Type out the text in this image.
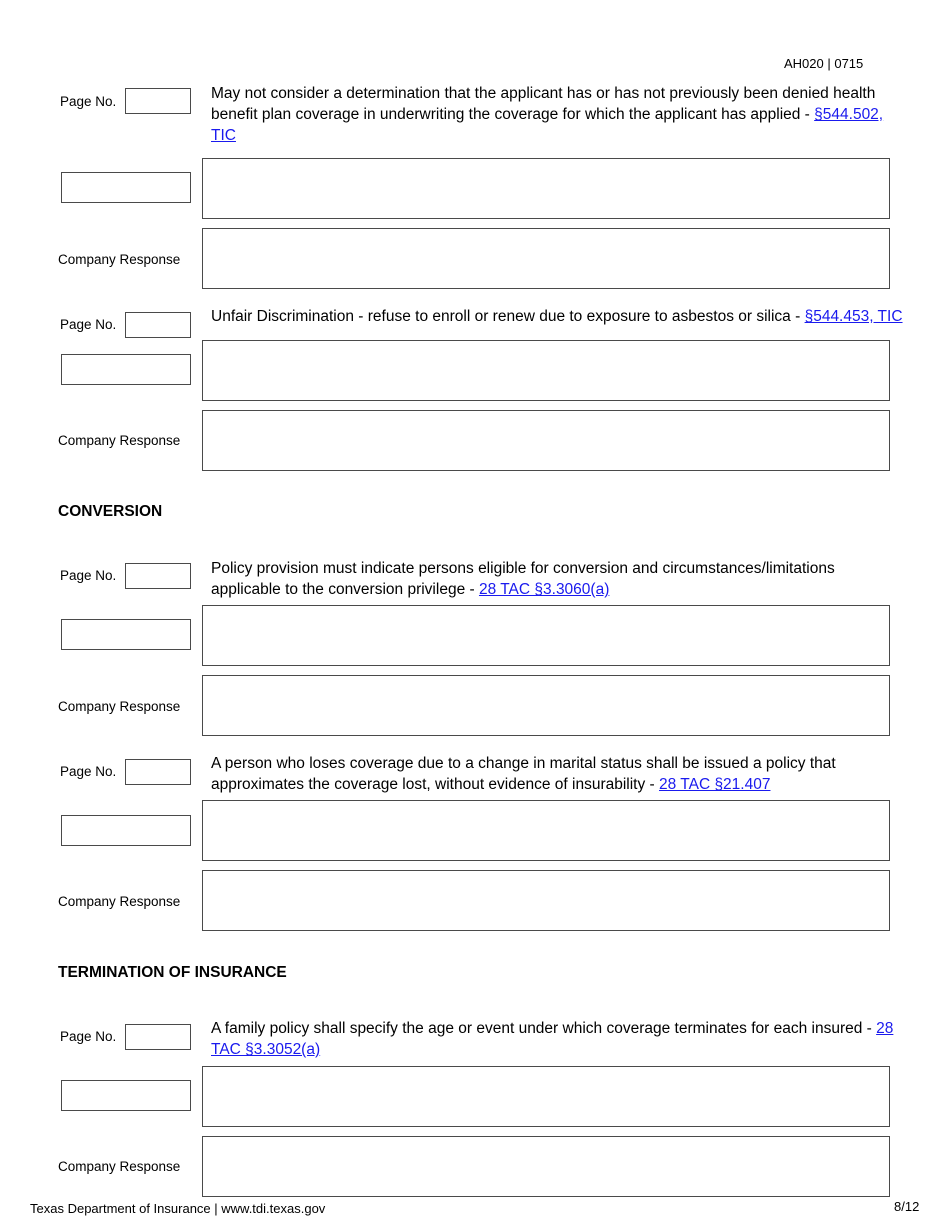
AH020 | 0715
Page No.	May not consider a determination that the applicant has or has not previously been denied health benefit plan coverage in underwriting the coverage for which the applicant has applied - §544.502, TIC
Company Response
Page No.	Unfair Discrimination - refuse to enroll or renew due to exposure to asbestos or silica - §544.453, TIC
Company Response
CONVERSION
Page No.	Policy provision must indicate persons eligible for conversion and circumstances/limitations applicable to the conversion privilege - 28 TAC §3.3060(a)
Company Response
Page No.	A person who loses coverage due to a change in marital status shall be issued a policy that approximates the coverage lost, without evidence of insurability - 28 TAC §21.407
Company Response
TERMINATION OF INSURANCE
Page No.	A family policy shall specify the age or event under which coverage terminates for each insured - 28 TAC §3.3052(a)
Company Response
Texas Department of Insurance | www.tdi.texas.gov	8/12
